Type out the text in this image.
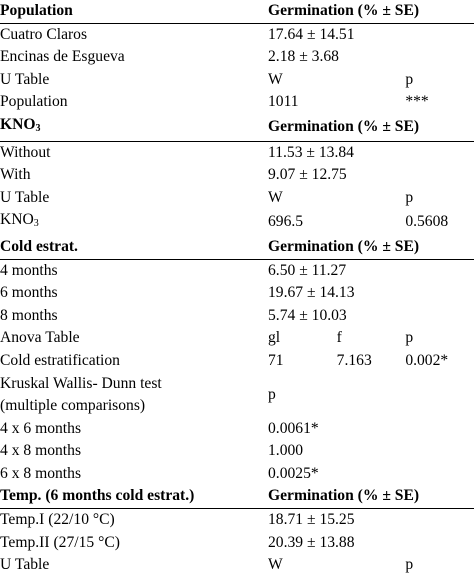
Population	Germination (% ± SE)		
Cuatro Claros	17.64 ± 14.51		
Encinas de Esgueva	2.18 ± 3.68		
U Table	W		p
Population	1011		***
$KNO_3$	Germination (% ± SE)		
Without	11.53 ± 13.84		
With	9.07 ± 12.75		
U Table	W		p
$KNO_3$	696.5		0.5608
Cold estrat.	Germination (% ± SE)		
4 months	6.50 ± 11.27		
6 months	19.67 ± 14.13		
8 months	5.74 ± 10.03		
Anova Table	gl	f	p
Cold estratification	71	7.163	0.002*
Kruskal Wallis- Dunn test
(multiple comparisons)	p		
4 x 6 months	0.0061*		
4 x 8 months	1.000		
6 x 8 months	0.0025*		
Temp. (6 months cold estrat.)	Germination (% ± SE)		
Temp.I (22/10 °C)	18.71 ± 15.25		
Temp.II (27/15 °C)	20.39 ± 13.88		
U Table	W		p
